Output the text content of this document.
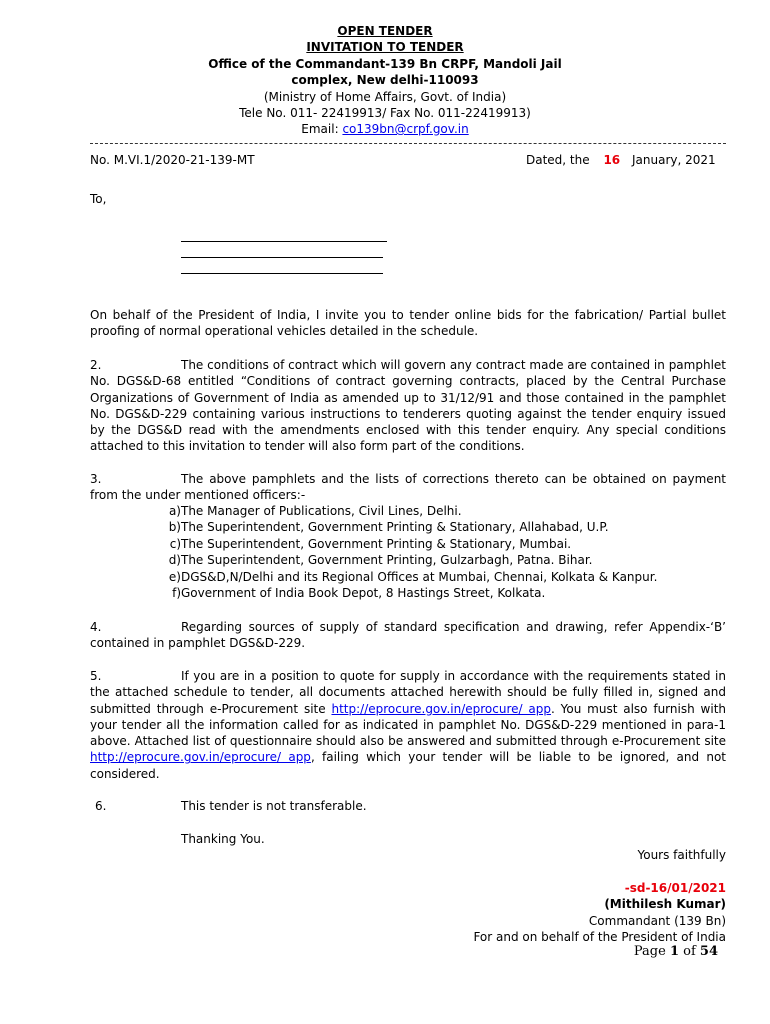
OPEN TENDER
INVITATION TO TENDER
Office of the Commandant-139 Bn CRPF, Mandoli Jail
complex, New delhi-110093
(Ministry of Home Affairs, Govt. of India)
Tele No. 011- 22419913/ Fax No. 011-22419913)
Email: co139bn@crpf.gov.in
No. M.VI.1/2020-21-139-MT	Dated, the 16 January, 2021
To,
On behalf of the President of India, I invite you to tender online bids for the fabrication/ Partial bullet proofing of normal operational vehicles detailed in the schedule.
2.	The conditions of contract which will govern any contract made are contained in pamphlet No. DGS&D-68 entitled “Conditions of contract governing contracts, placed by the Central Purchase Organizations of Government of India as amended up to 31/12/91 and those contained in the pamphlet No. DGS&D-229 containing various instructions to tenderers quoting against the tender enquiry issued by the DGS&D read with the amendments enclosed with this tender enquiry. Any special conditions attached to this invitation to tender will also form part of the conditions.
3.	The above pamphlets and the lists of corrections thereto can be obtained on payment from the under mentioned officers:-
a)The Manager of Publications, Civil Lines, Delhi.
b)The Superintendent, Government Printing & Stationary, Allahabad, U.P.
c)The Superintendent, Government Printing & Stationary, Mumbai.
d)The Superintendent, Government Printing, Gulzarbagh, Patna. Bihar.
e)DGS&D,N/Delhi and its Regional Offices at Mumbai, Chennai, Kolkata & Kanpur.
f)Government of India Book Depot, 8 Hastings Street, Kolkata.
4.	Regarding sources of supply of standard specification and drawing, refer Appendix-‘B’ contained in pamphlet DGS&D-229.
5.	If you are in a position to quote for supply in accordance with the requirements stated in the attached schedule to tender, all documents attached herewith should be fully filled in, signed and submitted through e-Procurement site http://eprocure.gov.in/eprocure/ app. You must also furnish with your tender all the information called for as indicated in pamphlet No. DGS&D-229 mentioned in para-1 above. Attached list of questionnaire should also be answered and submitted through e-Procurement site http://eprocure.gov.in/eprocure/ app, failing which your tender will be liable to be ignored, and not considered.
6.	This tender is not transferable.
Thanking You.
Yours faithfully
-sd-16/01/2021
(Mithilesh Kumar)
Commandant (139 Bn)
For and on behalf of the President of India
Page 1 of 54
